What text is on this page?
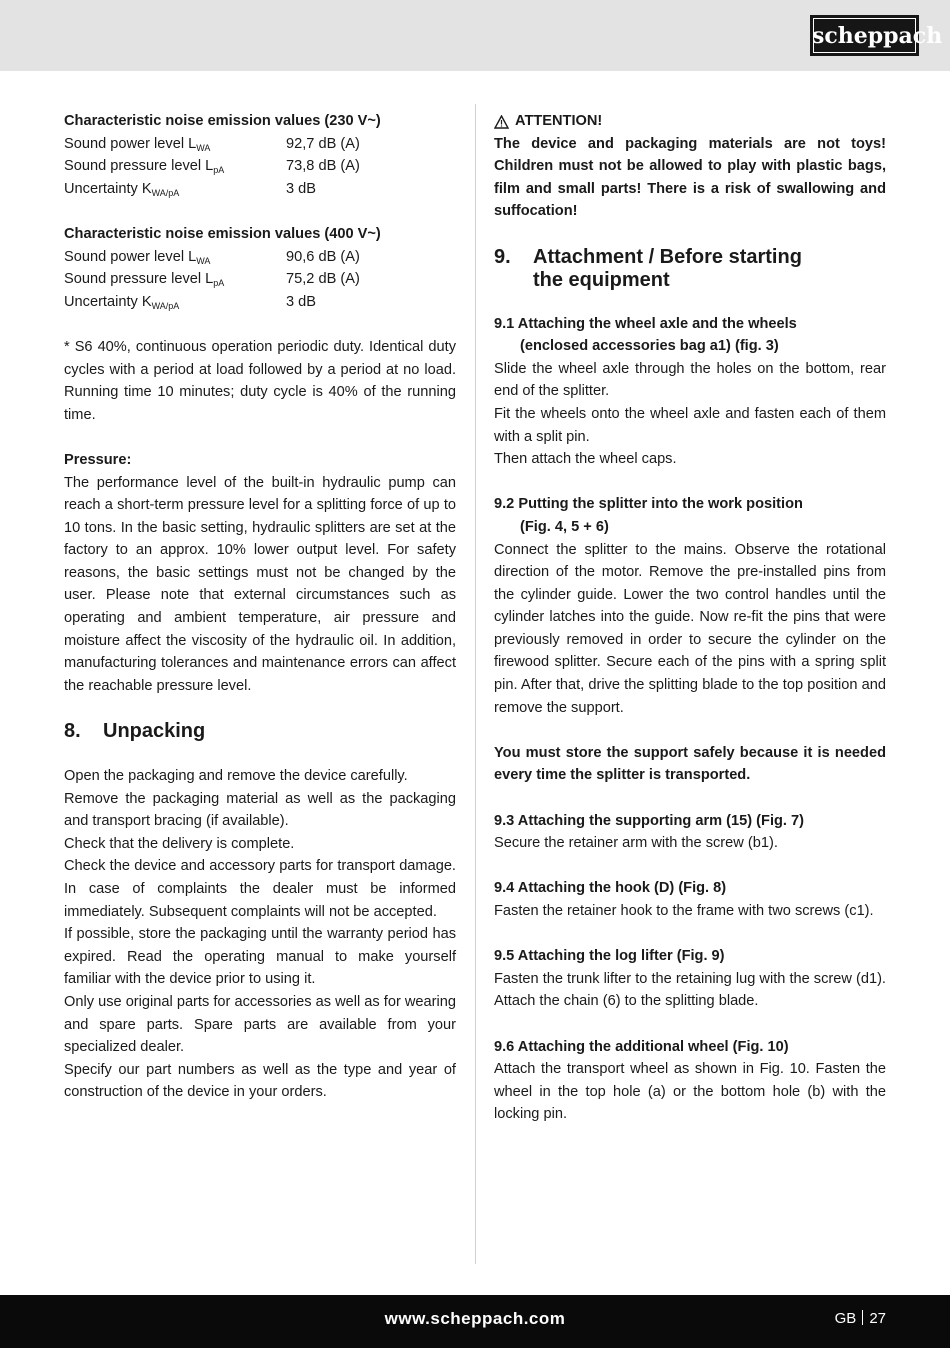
scheppach

Characteristic noise emission values (230 V~)

Sound power level $L_{WA}$	92,7 dB (A)
Sound pressure level $L_{pA}$	73,8 dB (A)
Uncertainty $K_{WA/pA}$	3 dB

Characteristic noise emission values (400 V~)

Sound power level $L_{WA}$	90,6 dB (A)
Sound pressure level $L_{pA}$	75,2 dB (A)
Uncertainty $K_{WA/pA}$	3 dB

* S6 40%, continuous operation periodic duty. Identical duty cycles with a period at load followed by a period at no load. Running time 10 minutes; duty cycle is 40% of the running time.

Pressure:

The performance level of the built-in hydraulic pump can reach a short-term pressure level for a splitting force of up to 10 tons. In the basic setting, hydraulic splitters are set at the factory to an approx. 10% lower output level. For safety reasons, the basic settings must not be changed by the user. Please note that external circumstances such as operating and ambient temperature, air pressure and moisture affect the viscosity of the hydraulic oil. In addition, manufacturing tolerances and maintenance errors can affect the reachable pressure level.

8.	Unpacking

Open the packaging and remove the device carefully.

Remove the packaging material as well as the packaging and transport bracing (if available).

Check that the delivery is complete.

Check the device and accessory parts for transport damage. In case of complaints the dealer must be informed immediately. Subsequent complaints will not be accepted.

If possible, store the packaging until the warranty period has expired. Read the operating manual to make yourself familiar with the device prior to using it.

Only use original parts for accessories as well as for wearing and spare parts. Spare parts are available from your specialized dealer.

Specify our part numbers as well as the type and year of construction of the device in your orders.

ATTENTION!

The device and packaging materials are not toys! Children must not be allowed to play with plastic bags, film and small parts! There is a risk of swallowing and suffocation!

9.	Attachment / Before starting
the equipment

9.1 Attaching the wheel axle and the wheels
(enclosed accessories bag a1) (fig. 3)

Slide the wheel axle through the holes on the bottom, rear end of the splitter.

Fit the wheels onto the wheel axle and fasten each of them with a split pin.

Then attach the wheel caps.

9.2 Putting the splitter into the work position
(Fig. 4, 5 + 6)

Connect the splitter to the mains. Observe the rotational direction of the motor. Remove the pre-installed pins from the cylinder guide. Lower the two control handles until the cylinder latches into the guide. Now re-fit the pins that were previously removed in order to secure the cylinder on the firewood splitter. Secure each of the pins with a spring split pin. After that, drive the splitting blade to the top position and remove the support.

You must store the support safely because it is needed every time the splitter is transported.

9.3 Attaching the supporting arm (15) (Fig. 7)

Secure the retainer arm with the screw (b1).

9.4 Attaching the hook (D) (Fig. 8)

Fasten the retainer hook to the frame with two screws (c1).

9.5 Attaching the log lifter (Fig. 9)

Fasten the trunk lifter to the retaining lug with the screw (d1). Attach the chain (6) to the splitting blade.

9.6 Attaching the additional wheel (Fig. 10)

Attach the transport wheel as shown in Fig. 10. Fasten the wheel in the top hole (a) or the bottom hole (b) with the locking pin.

www.scheppach.com	GB 27
